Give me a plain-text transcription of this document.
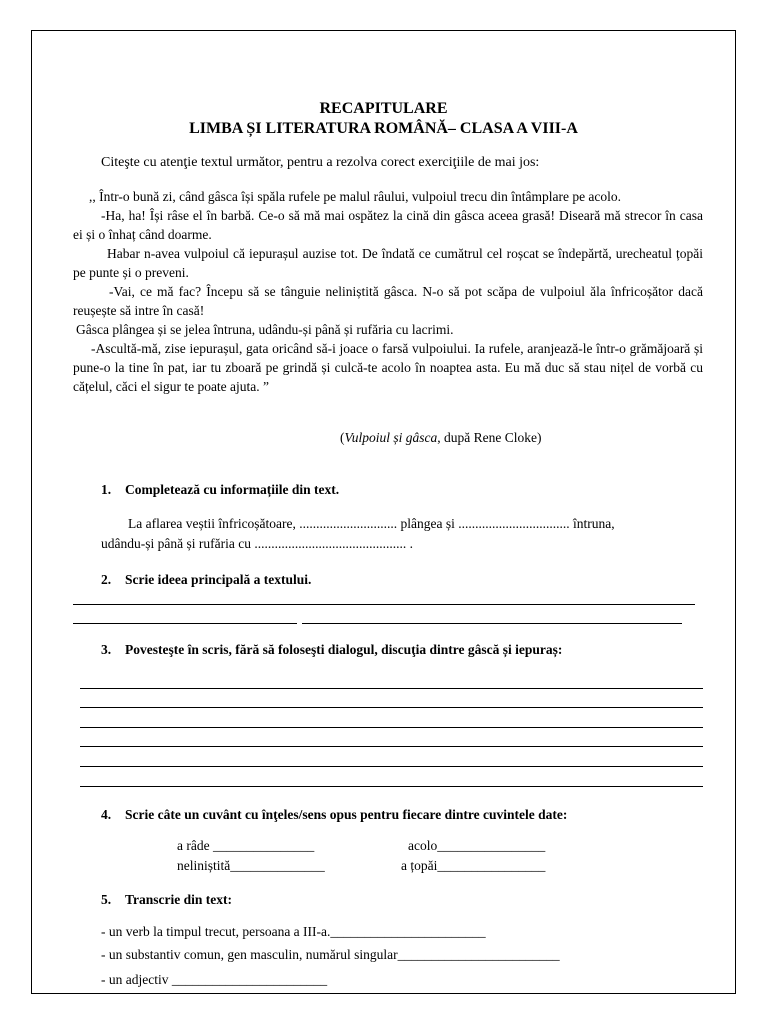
RECAPITULARE
LIMBA ȘI LITERATURA ROMÂNĂ– CLASA A VIII-A
Citeşte cu atenţie textul următor, pentru a rezolva corect exerciţiile de mai jos:

,, Într-o bună zi, când gâsca își spăla rufele pe malul râului, vulpoiul trecu din întâmplare pe acolo.

-Ha, ha! Își râse el în barbă. Ce-o să mă mai ospătez la cină din gâsca aceea grasă! Diseară mă strecor în casa ei și o înhaț când doarme.

Habar n-avea vulpoiul că iepurașul auzise tot. De îndată ce cumătrul cel roșcat se îndepărtă, urecheatul țopăi pe punte și o preveni.

-Vai, ce mă fac? Începu să se tânguie neliniștită gâsca. N-o să pot scăpa de vulpoiul ăla înfricoșător dacă reușește să intre în casă!

Gâsca plângea și se jelea întruna, udându-și până și rufăria cu lacrimi.

-Ascultă-mă, zise iepurașul, gata oricând să-i joace o farsă vulpoiului. Ia rufele, aranjează-le într-o grămăjoară și pune-o la tine în pat, iar tu zboară pe grindă și culcă-te acolo în noaptea asta. Eu mă duc să stau nițel de vorbă cu cățelul, căci el sigur te poate ajuta. ”

(Vulpoiul și gâsca, după Rene Cloke)
1. Completează cu informațiile din text.
La aflarea veștii înfricoșătoare, ............................. plângea și ................................. întruna,
udându-și până și rufăria cu ............................................. .
2. Scrie ideea principală a textului.
3. Povesteşte în scris, fără să foloseşti dialogul, discuţia dintre gâscă și iepuraș:
4. Scrie câte un cuvânt cu înţeles/sens opus pentru fiecare dintre cuvintele date:
a râde _______________	acolo________________
neliniștită______________	a țopăi________________
5. Transcrie din text:
- un verb la timpul trecut, persoana a III-a._______________________
- un substantiv comun, gen masculin, numărul singular________________________
- un adjectiv _______________________
